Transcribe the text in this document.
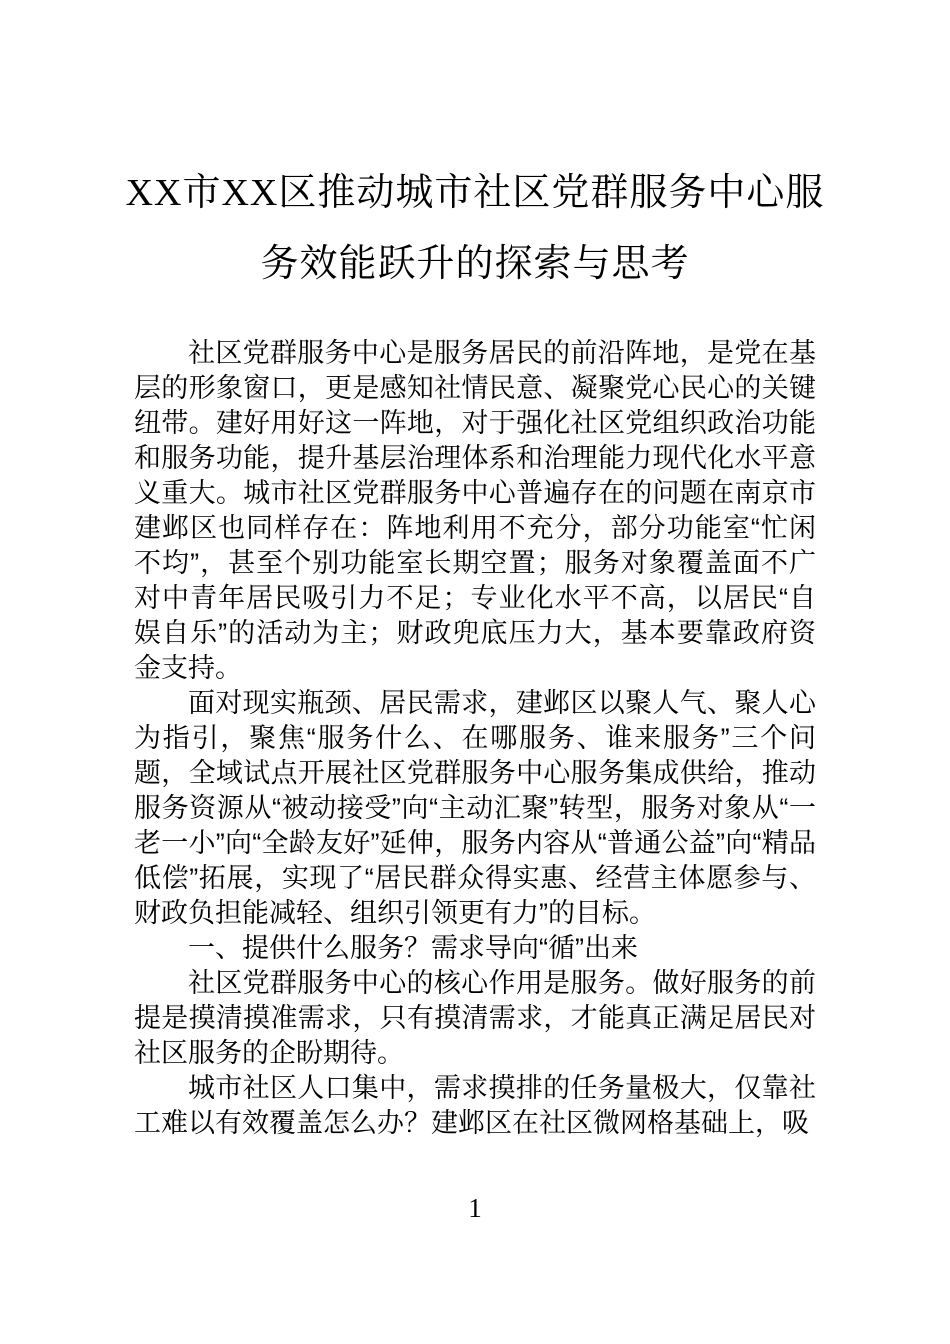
XX市XX区推动城市社区党群服务中心服
务效能跃升的探索与思考

社区党群服务中心是服务居民的前沿阵地，是党在基层的形象窗口，更是感知社情民意、凝聚党心民心的关键纽带。建好用好这一阵地，对于强化社区党组织政治功能和服务功能，提升基层治理体系和治理能力现代化水平意义重大。城市社区党群服务中心普遍存在的问题在南京市建邺区也同样存在：阵地利用不充分，部分功能室“忙闲不均”，甚至个别功能室长期空置；服务对象覆盖面不广对中青年居民吸引力不足；专业化水平不高，以居民“自娱自乐”的活动为主；财政兜底压力大，基本要靠政府资金支持。

面对现实瓶颈、居民需求，建邺区以聚人气、聚人心为指引，聚焦“服务什么、在哪服务、谁来服务”三个问题，全域试点开展社区党群服务中心服务集成供给，推动服务资源从“被动接受”向“主动汇聚”转型，服务对象从“一老一小”向“全龄友好”延伸，服务内容从“普通公益”向“精品低偿”拓展，实现了“居民群众得实惠、经营主体愿参与、财政负担能减轻、组织引领更有力”的目标。

一、提供什么服务？需求导向“循”出来

社区党群服务中心的核心作用是服务。做好服务的前提是摸清摸准需求，只有摸清需求，才能真正满足居民对社区服务的企盼期待。

城市社区人口集中，需求摸排的任务量极大，仅靠社工难以有效覆盖怎么办？建邺区在社区微网格基础上，吸

1
